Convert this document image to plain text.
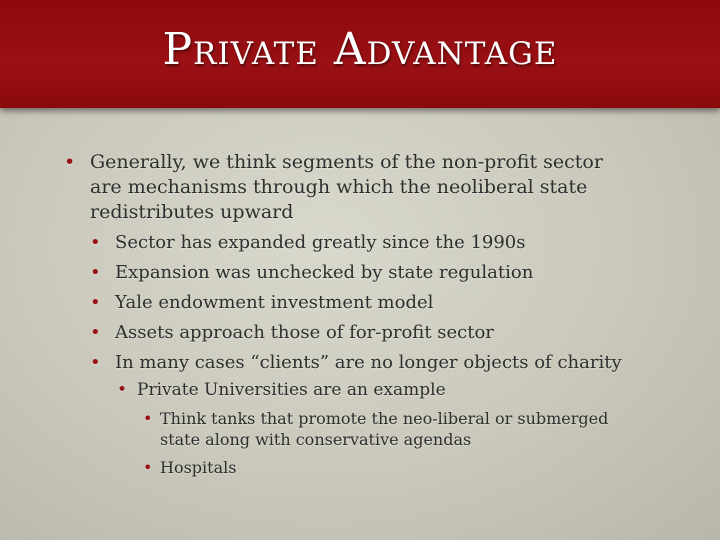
Private Advantage
• Generally, we think segments of the non-profit sector
are mechanisms through which the neoliberal state
redistributes upward
• Sector has expanded greatly since the 1990s
• Expansion was unchecked by state regulation
• Yale endowment investment model
• Assets approach those of for-profit sector
• In many cases “clients” are no longer objects of charity
• Private Universities are an example
• Think tanks that promote the neo-liberal or submerged
state along with conservative agendas
• Hospitals
